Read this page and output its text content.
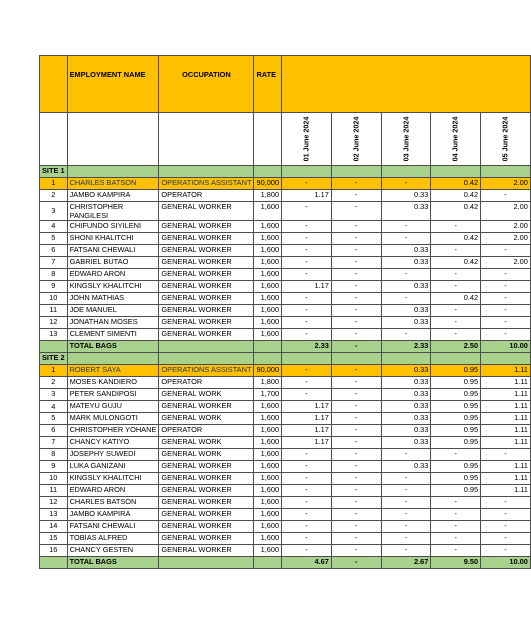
	EMPLOYMENT NAME	OCCUPATION	RATE					
				01 June 2024	02 June 2024	03 June 2024	04 June 2024	05 June 2024
SITE 1								
1	CHARLES BATSON	OPERATIONS ASSISTANT	90,000	-	-	-	0.42	2.00
2	JAMBO KAMPIRA	OPERATOR	1,800	1.17	-	0.33	0.42	-
3	CHRISTOPHER PANGILESI	GENERAL WORKER	1,600	-	-	0.33	0.42	2.00
4	CHIFUNDO SIYILENI	GENERAL WORKER	1,600	-	-	-	-	2.00
5	SHONI KHALITCHI	GENERAL WORKER	1,600	-	-	-	0.42	2.00
6	FATSANI CHEWALI	GENERAL WORKER	1,600	-	-	0.33	-	-
7	GABRIEL BUTAO	GENERAL WORKER	1,600	-	-	0.33	0.42	2.00
8	EDWARD ARON	GENERAL WORKER	1,600	-	-	-	-	-
9	KINGSLY KHALITCHI	GENERAL WORKER	1,600	1.17	-	0.33	-	-
10	JOHN MATHIAS	GENERAL WORKER	1,600	-	-	-	0.42	-
11	JOE MANUEL	GENERAL WORKER	1,600	-	-	0.33	-	-
12	JONATHAN MOSES	GENERAL WORKER	1,600	-	-	0.33	-	-
13	CLEMENT SIMENTI	GENERAL WORKER	1,600	-	-	-	-	-
	TOTAL BAGS			2.33	-	2.33	2.50	10.00
SITE 2								
1	ROBERT SAYA	OPERATIONS ASSISTANT	90,000	-	-	0.33	0.95	1.11
2	MOSES KANDIERO	OPERATOR	1,800	-	-	0.33	0.95	1.11
3	PETER SANDIPOSI	GENERAL WORK	1,700	-	-	0.33	0.95	1.11
4	MATEYU GUJU	GENERAL WORKER	1,600	1.17	-	0.33	0.95	1.11
5	MARK MULONGOTI	GENERAL WORK	1,600	1.17	-	0.33	0.95	1.11
6	CHRISTOPHER YOHANE	OPERATOR	1,600	1.17	-	0.33	0.95	1.11
7	CHANCY KATIYO	GENERAL WORK	1,600	1.17	-	0.33	0.95	1.11
8	JOSEPHY SUWEDI	GENERAL WORK	1,600	-	-	-	-	-
9	LUKA GANIZANI	GENERAL WORKER	1,600	-	-	0.33	0.95	1.11
10	KINGSLY KHALITCHI	GENERAL WORKER	1,600	-	-	-	0.95	1.11
11	EDWARD ARON	GENERAL WORKER	1,600	-	-	-	0.95	1.11
12	CHARLES BATSON	GENERAL WORKER	1,600	-	-	-	-	-
13	JAMBO KAMPIRA	GENERAL WORKER	1,600	-	-	-	-	-
14	FATSANI CHEWALI	GENERAL WORKER	1,600	-	-	-	-	-
15	TOBIAS ALFRED	GENERAL WORKER	1,600	-	-	-	-	-
16	CHANCY GESTEN	GENERAL WORKER	1,600	-	-	-	-	-
	TOTAL BAGS			4.67	-	2.67	9.50	10.00
